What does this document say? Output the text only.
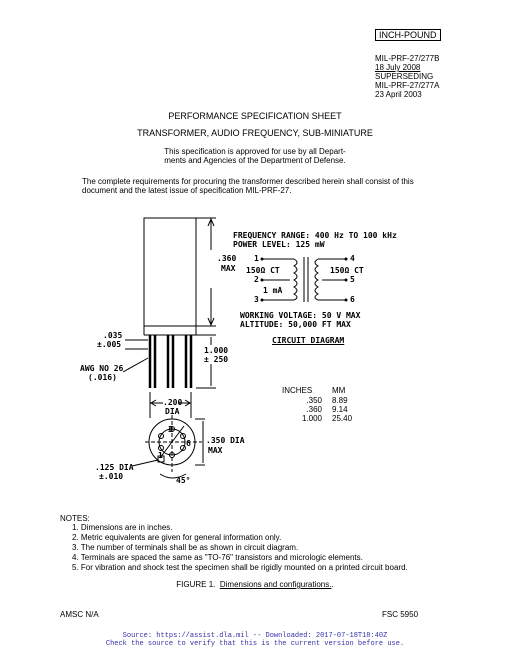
INCH-POUND
MIL-PRF-27/277B
18 July 2008
SUPERSEDING
MIL-PRF-27/277A
23 April 2003
PERFORMANCE SPECIFICATION SHEET
TRANSFORMER, AUDIO FREQUENCY, SUB-MINIATURE
This specification is approved for use by all Depart-
ments and Agencies of the Department of Defense.
The complete requirements for procuring the transformer described herein shall consist of this
document and the latest issue of specification MIL-PRF-27.
3
6
1
.360
MAX
.035
±.005
AWG NO 26
(.016)
1.000
± 250
.200
DIA
.350 DIA
MAX
.125 DIA
±.010	45°
FREQUENCY RANGE: 400 Hz TO 100 kHz
POWER LEVEL: 125 mW
1
2
3
4
5
6
150Ω CT	150Ω CT
1 mA
WORKING VOLTAGE: 50 V MAX
ALTITUDE: 50,000 FT MAX
CIRCUIT DIAGRAM
INCHES	MM
.350	8.89
.360	9.14
1.000	25.40
NOTES:
1. Dimensions are in inches.
2. Metric equivalents are given for general information only.
3. The number of terminals shall be as shown in circuit diagram.
4. Terminals are spaced the same as "TO-76" transistors and micrologic elements.
5. For vibration and shock test the specimen shall be rigidly mounted on a printed circuit board.
FIGURE 1. Dimensions and configurations..
AMSC N/A	FSC 5950
Source: https://assist.dla.mil -- Downloaded: 2017-07-18T18:40Z
Check the source to verify that this is the current version before use.
